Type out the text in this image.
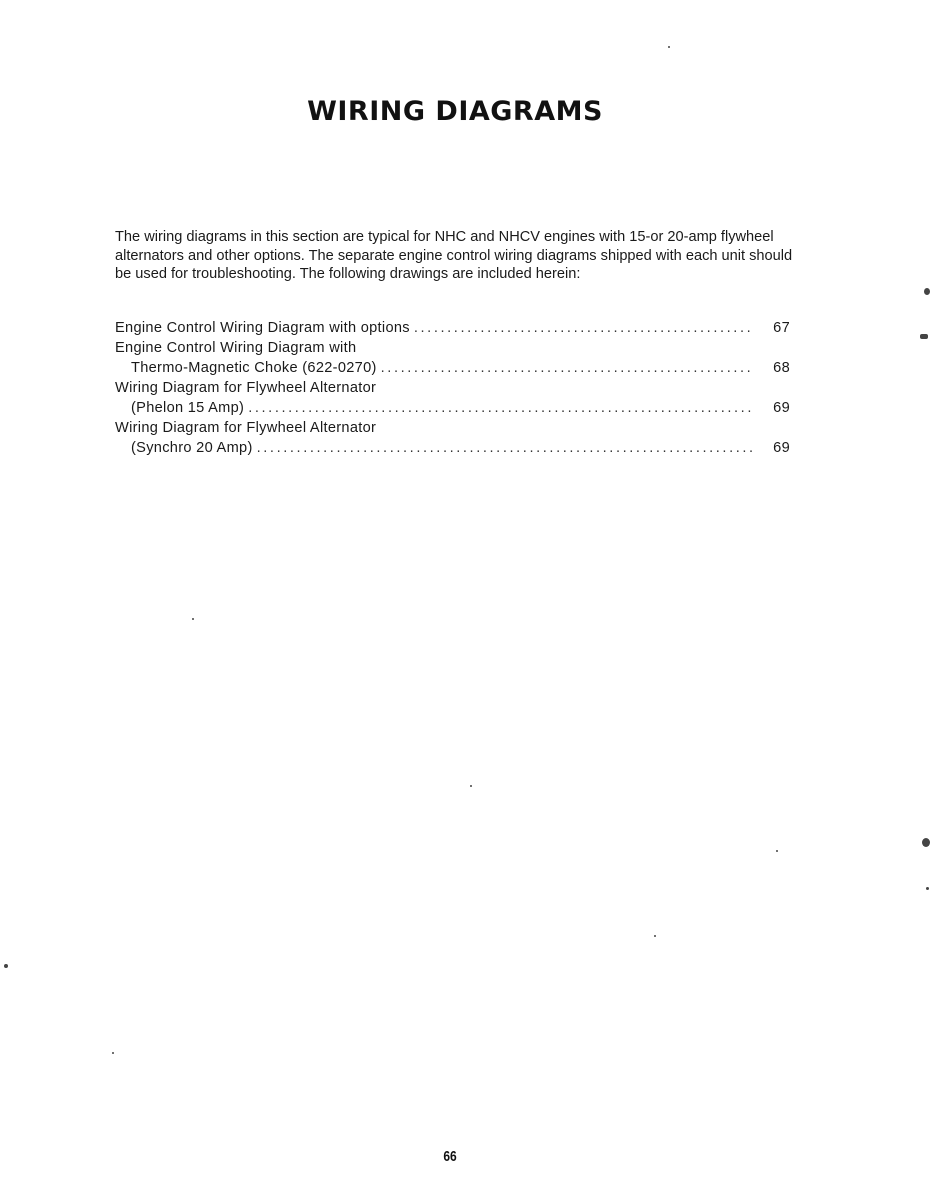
WIRING DIAGRAMS

The wiring diagrams in this section are typical for NHC and NHCV engines with 15-or 20-amp flywheel alternators and other options. The separate engine control wiring diagrams shipped with each unit should be used for troubleshooting. The following drawings are included herein:

Engine Control Wiring Diagram with options .....	67
Engine Control Wiring Diagram with
Thermo-Magnetic Choke (622-0270) .....	68
Wiring Diagram for Flywheel Alternator
(Phelon 15 Amp) .....	69
Wiring Diagram for Flywheel Alternator
(Synchro 20 Amp) .....	69
66
